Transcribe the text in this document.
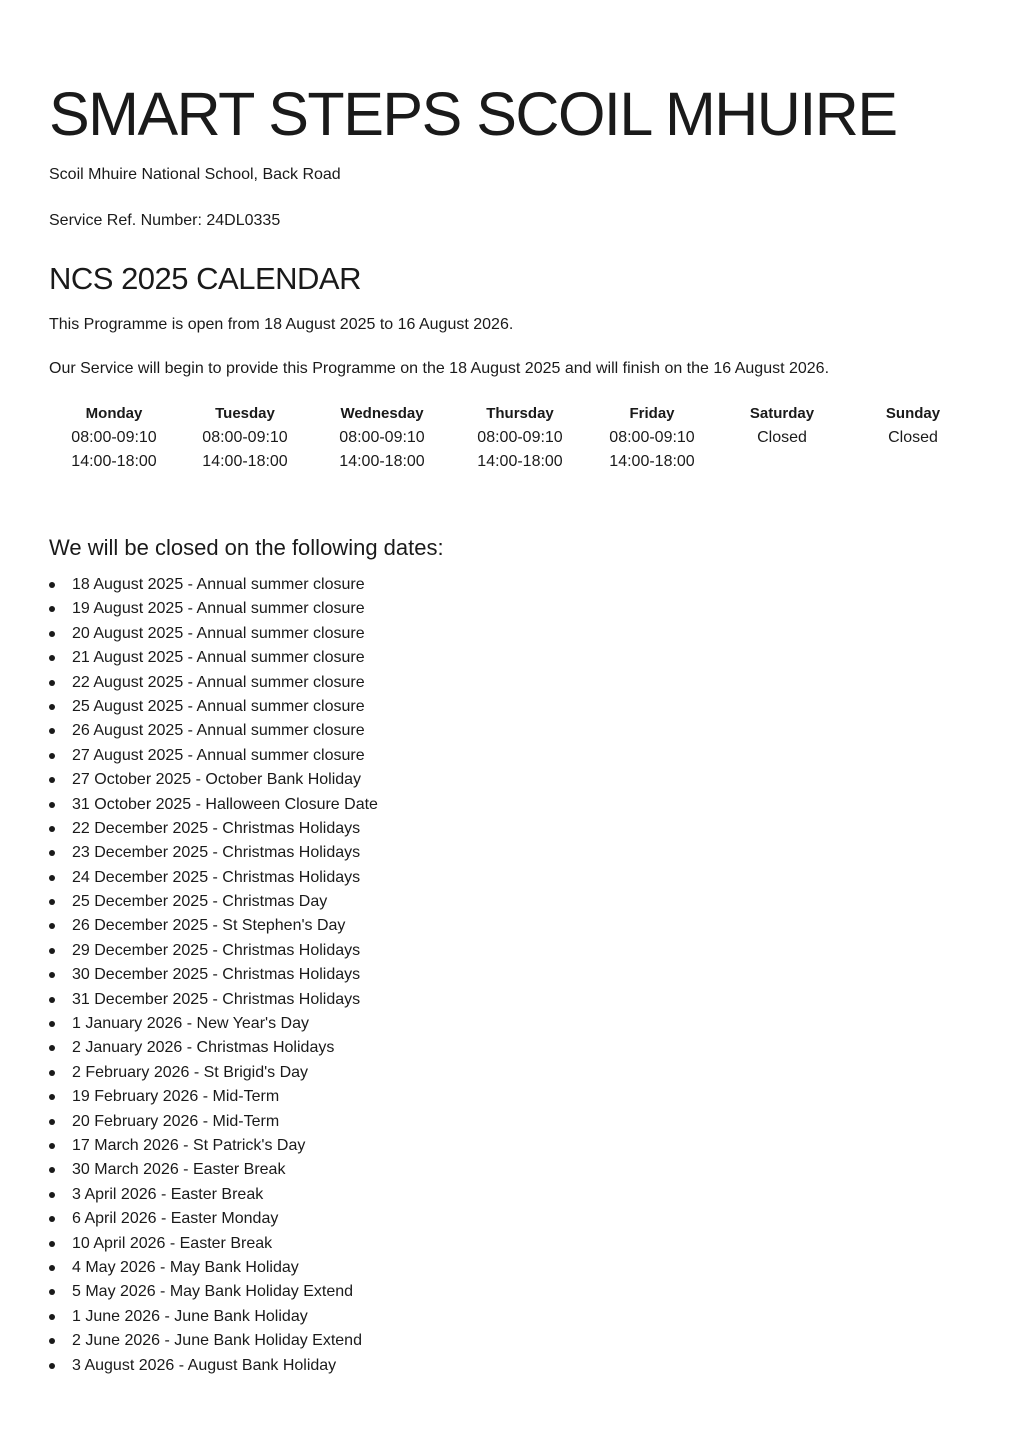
SMART STEPS SCOIL MHUIRE
Scoil Mhuire National School, Back Road
Service Ref. Number: 24DL0335
NCS 2025 CALENDAR
This Programme is open from 18 August 2025 to 16 August 2026.
Our Service will begin to provide this Programme on the 18 August 2025 and will finish on the 16 August 2026.
Monday
08:00-09:10
14:00-18:00
Tuesday
08:00-09:10
14:00-18:00
Wednesday
08:00-09:10
14:00-18:00
Thursday
08:00-09:10
14:00-18:00
Friday
08:00-09:10
14:00-18:00
Saturday
Closed
Sunday
Closed
We will be closed on the following dates:
18 August 2025 - Annual summer closure
19 August 2025 - Annual summer closure
20 August 2025 - Annual summer closure
21 August 2025 - Annual summer closure
22 August 2025 - Annual summer closure
25 August 2025 - Annual summer closure
26 August 2025 - Annual summer closure
27 August 2025 - Annual summer closure
27 October 2025 - October Bank Holiday
31 October 2025 - Halloween Closure Date
22 December 2025 - Christmas Holidays
23 December 2025 - Christmas Holidays
24 December 2025 - Christmas Holidays
25 December 2025 - Christmas Day
26 December 2025 - St Stephen's Day
29 December 2025 - Christmas Holidays
30 December 2025 - Christmas Holidays
31 December 2025 - Christmas Holidays
1 January 2026 - New Year's Day
2 January 2026 - Christmas Holidays
2 February 2026 - St Brigid's Day
19 February 2026 - Mid-Term
20 February 2026 - Mid-Term
17 March 2026 - St Patrick's Day
30 March 2026 - Easter Break
3 April 2026 - Easter Break
6 April 2026 - Easter Monday
10 April 2026 - Easter Break
4 May 2026 - May Bank Holiday
5 May 2026 - May Bank Holiday Extend
1 June 2026 - June Bank Holiday
2 June 2026 - June Bank Holiday Extend
3 August 2026 - August Bank Holiday
